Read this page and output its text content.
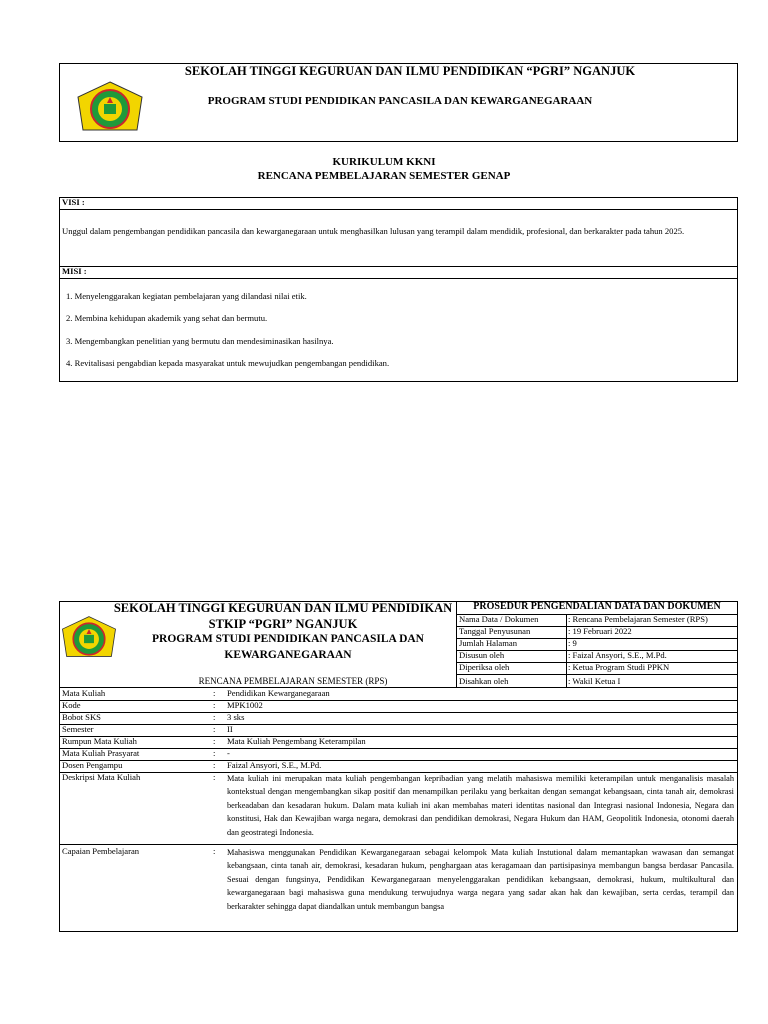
SEKOLAH TINGGI KEGURUAN DAN ILMU PENDIDIKAN “PGRI” NGANJUK
PROGRAM STUDI PENDIDIKAN PANCASILA DAN KEWARGANEGARAAN
KURIKULUM KKNI
RENCANA PEMBELAJARAN SEMESTER GENAP
VISI :
Unggul dalam pengembangan pendidikan pancasila dan kewarganegaraan untuk menghasilkan lulusan yang terampil dalam mendidik, profesional, dan berkarakter pada tahun 2025.
MISI :
1. Menyelenggarakan kegiatan pembelajaran yang dilandasi nilai etik.
2. Membina kehidupan akademik yang sehat dan bermutu.
3. Mengembangkan penelitian yang bermutu dan mendesiminasikan hasilnya.
4. Revitalisasi pengabdian kepada masyarakat untuk mewujudkan pengembangan pendidikan.
SEKOLAH TINGGI KEGURUAN DAN ILMU PENDIDIKAN
STKIP “PGRI” NGANJUK
PROGRAM STUDI PENDIDIKAN PANCASILA DAN
KEWARGANEGARAAN
RENCANA PEMBELAJARAN SEMESTER (RPS)
PROSEDUR PENGENDALIAN DATA DAN DOKUMEN
Nama Data / Dokumen	: Rencana Pembelajaran Semester (RPS)
Tanggal Penyusunan	: 19 Februari 2022
Jumlah Halaman	: 9
Disusun oleh	: Faizal Ansyori, S.E., M.Pd.
Diperiksa oleh	: Ketua Program Studi PPKN
Disahkan oleh	: Wakil Ketua I
Mata Kuliah	: Pendidikan Kewarganegaraan
Kode	: MPK1002
Bobot SKS	: 3 sks
Semester	: II
Rumpun Mata Kuliah	: Mata Kuliah Pengembang Keterampilan
Mata Kuliah Prasyarat	: -
Dosen Pengampu	: Faizal Ansyori, S.E., M.Pd.
Deskripsi Mata Kuliah	: Mata kuliah ini merupakan mata kuliah pengembangan kepribadian yang melatih mahasiswa memiliki keterampilan untuk menganalisis masalah kontekstual dengan mengembangkan sikap positif dan menampilkan perilaku yang berkaitan dengan semangat kebangsaan, cinta tanah air, demokrasi berkeadaban dan kesadaran hukum. Dalam mata kuliah ini akan membahas materi identitas nasional dan Integrasi nasional Indonesia, Negara dan konstitusi, Hak dan Kewajiban warga negara, demokrasi dan pendidikan demokrasi, Negara Hukum dan HAM, Geopolitik Indonesia, otonomi daerah dan geostrategi Indonesia.
Capaian Pembelajaran	: Mahasiswa menggunakan Pendidikan Kewarganegaraan sebagai kelompok Mata kuliah Instutional dalam memantapkan wawasan dan semangat kebangsaan, cinta tanah air, demokrasi, kesadaran hukum, penghargaan atas keragamaan dan partisipasinya membangun bangsa berdasar Pancasila. Sesuai dengan fungsinya, Pendidikan Kewarganegaraan menyelenggarakan pendidikan kebangsaan, demokrasi, hukum, multikultural dan kewarganegaraan bagi mahasiswa guna mendukung terwujudnya warga negara yang sadar akan hak dan kewajiban, serta cerdas, terampil dan berkarakter sehingga dapat diandalkan untuk membangun bangsa
